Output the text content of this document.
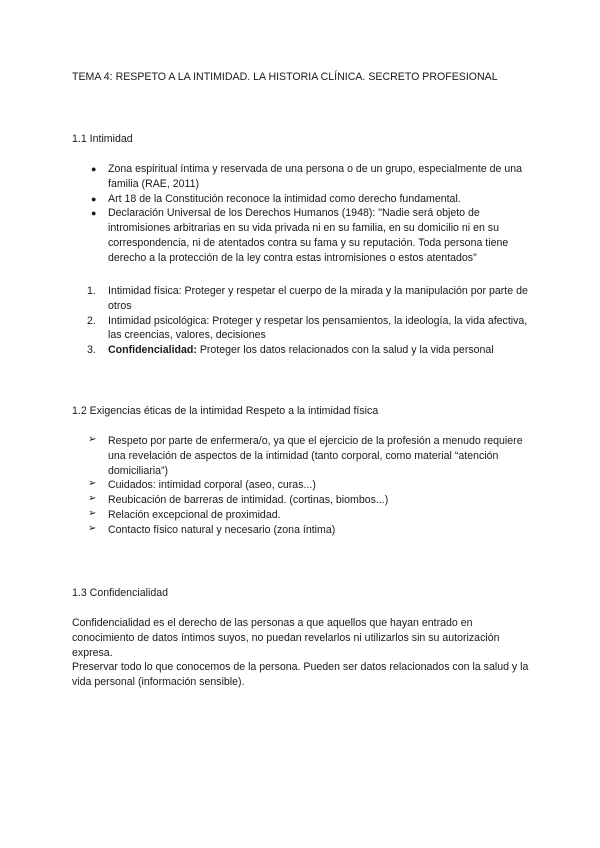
TEMA 4: RESPETO A LA INTIMIDAD. LA HISTORIA CLÍNICA. SECRETO PROFESIONAL
1.1 Intimidad
● Zona espiritual íntima y reservada de una persona o de un grupo, especialmente de una familia (RAE, 2011)
● Art 18 de la Constitución reconoce la intimidad como derecho fundamental.
● Declaración Universal de los Derechos Humanos (1948): "Nadie será objeto de intromisiones arbitrarias en su vida privada ni en su familia, en su domicilio ni en su correspondencia, ni de atentados contra su fama y su reputación. Toda persona tiene derecho a la protección de la ley contra estas intromisiones o estos atentados"
1. Intimidad física: Proteger y respetar el cuerpo de la mirada y la manipulación por parte de otros
2. Intimidad psicológica: Proteger y respetar los pensamientos, la ideología, la vida afectiva, las creencias, valores, decisiones
3. Confidencialidad: Proteger los datos relacionados con la salud y la vida personal
1.2 Exigencias éticas de la intimidad Respeto a la intimidad física
➢ Respeto por parte de enfermera/o, ya que el ejercicio de la profesión a menudo requiere una revelación de aspectos de la intimidad (tanto corporal, como material “atención domiciliaria”)
➢ Cuidados: intimidad corporal (aseo, curas...)
➢ Reubicación de barreras de intimidad. (cortinas, biombos...)
➢ Relación excepcional de proximidad.
➢ Contacto físico natural y necesario (zona íntima)
1.3 Confidencialidad

Confidencialidad es el derecho de las personas a que aquellos que hayan entrado en conocimiento de datos íntimos suyos, no puedan revelarlos ni utilizarlos sin su autorización expresa.

Preservar todo lo que conocemos de la persona. Pueden ser datos relacionados con la salud y la vida personal (información sensible).
